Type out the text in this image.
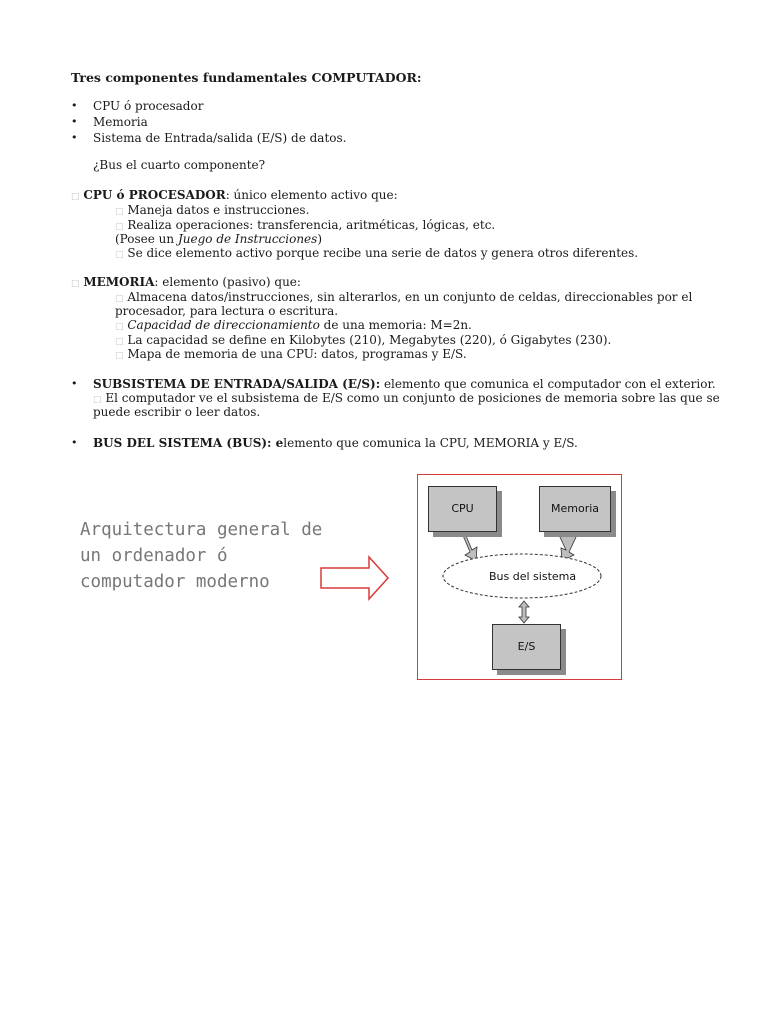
Tres componentes fundamentales COMPUTADOR:
• CPU ó procesador
• Memoria
• Sistema de Entrada/salida (E/S) de datos.
¿Bus el cuarto componente?
□ CPU ó PROCESADOR: único elemento activo que:
□ Maneja datos e instrucciones.
□ Realiza operaciones: transferencia, aritméticas, lógicas, etc.
(Posee un Juego de Instrucciones)
□ Se dice elemento activo porque recibe una serie de datos y genera otros diferentes.
□ MEMORIA: elemento (pasivo) que:
□ Almacena datos/instrucciones, sin alterarlos, en un conjunto de celdas, direccionables por el
procesador, para lectura o escritura.
□ Capacidad de direccionamiento de una memoria: M=2n.
□ La capacidad se define en Kilobytes (210), Megabytes (220), ó Gigabytes (230).
□ Mapa de memoria de una CPU: datos, programas y E/S.
• SUBSISTEMA DE ENTRADA/SALIDA (E/S): elemento que comunica el computador con el exterior.
□ El computador ve el subsistema de E/S como un conjunto de posiciones de memoria sobre las que se
puede escribir o leer datos.
• BUS DEL SISTEMA (BUS): elemento que comunica la CPU, MEMORIA y E/S.
Arquitectura general de
un ordenador ó
computador moderno
CPU	Memoria
Bus del sistema
E/S
